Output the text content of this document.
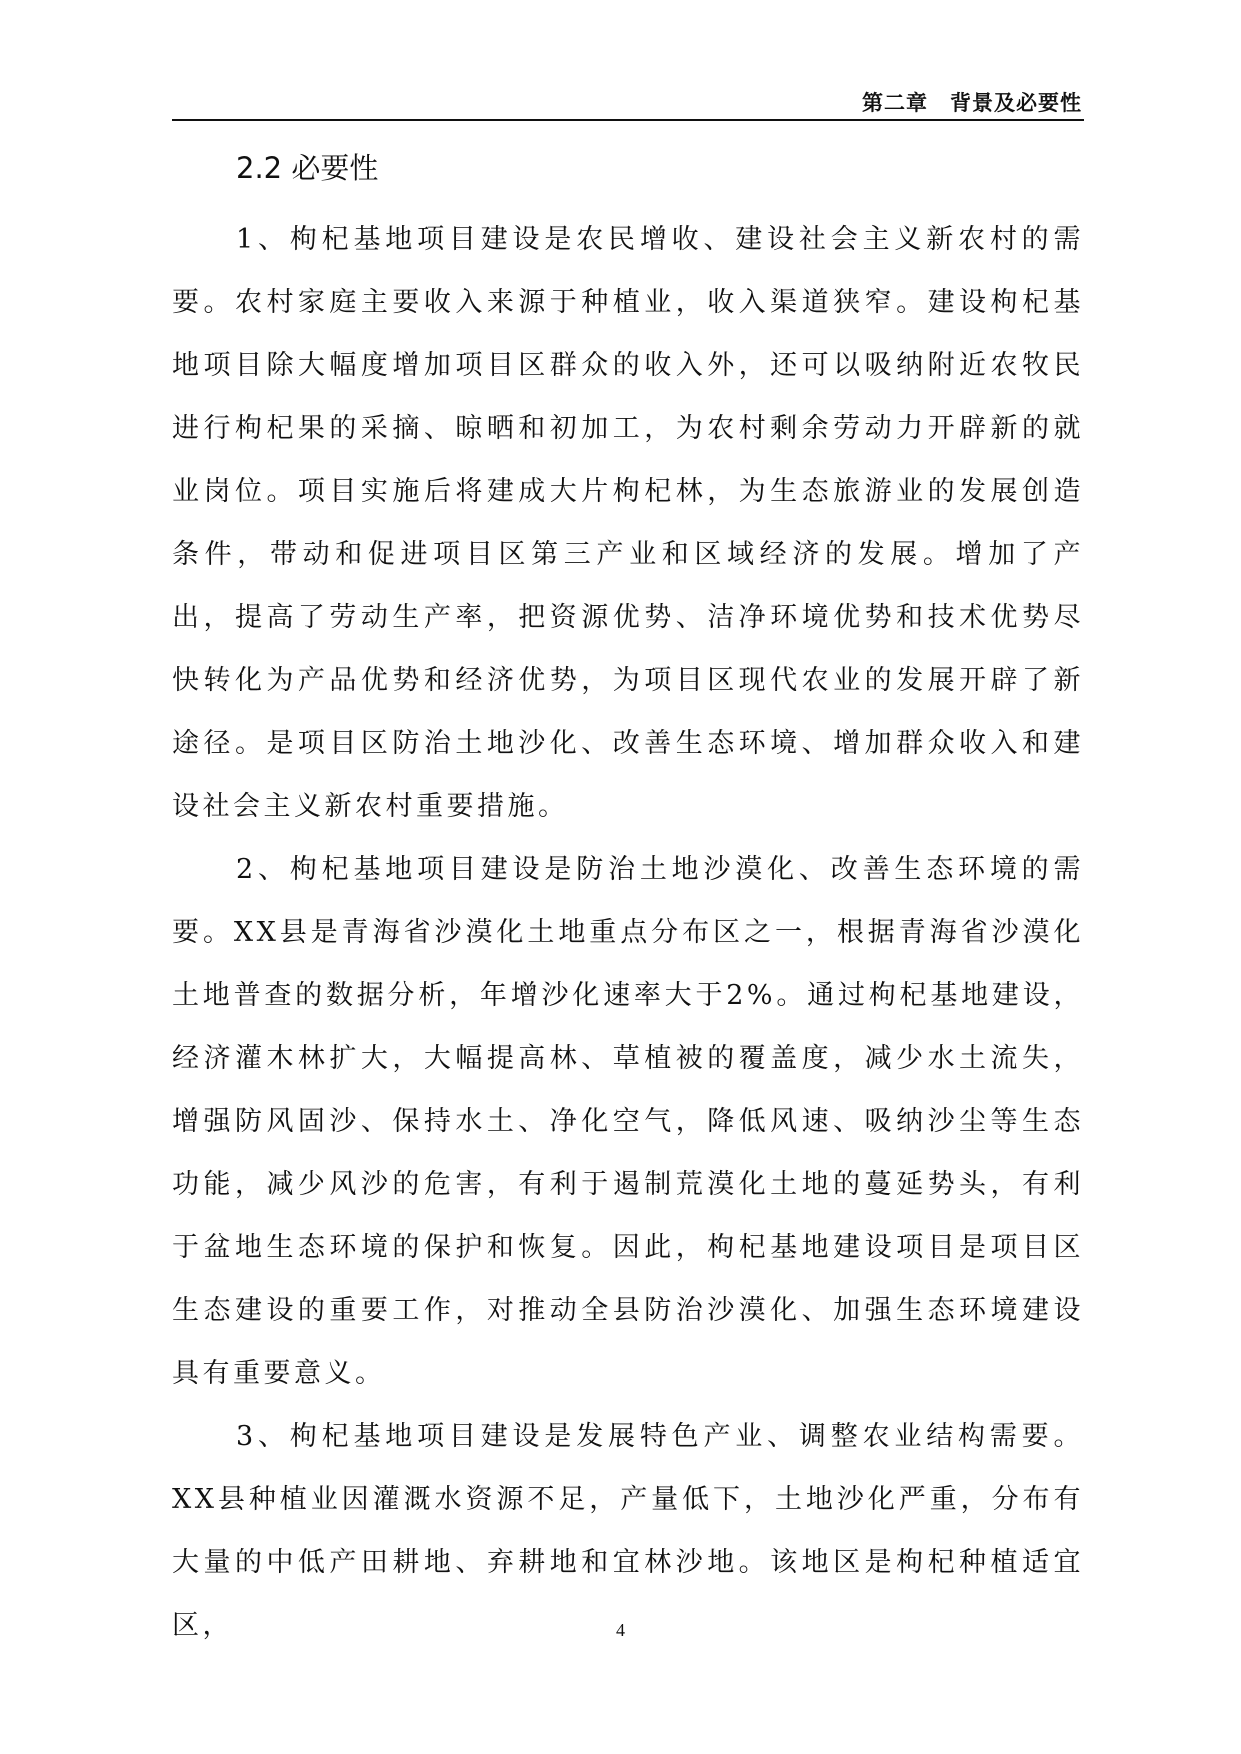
第二章　背景及必要性
2.2 必要性

1、枸杞基地项目建设是农民增收、建设社会主义新农村的需要。农村家庭主要收入来源于种植业，收入渠道狭窄。建设枸杞基地项目除大幅度增加项目区群众的收入外，还可以吸纳附近农牧民进行枸杞果的采摘、晾晒和初加工，为农村剩余劳动力开辟新的就业岗位。项目实施后将建成大片枸杞林，为生态旅游业的发展创造条件，带动和促进项目区第三产业和区域经济的发展。增加了产出，提高了劳动生产率，把资源优势、洁净环境优势和技术优势尽快转化为产品优势和经济优势，为项目区现代农业的发展开辟了新途径。是项目区防治土地沙化、改善生态环境、增加群众收入和建设社会主义新农村重要措施。

2、枸杞基地项目建设是防治土地沙漠化、改善生态环境的需要。XX县是青海省沙漠化土地重点分布区之一，根据青海省沙漠化土地普查的数据分析，年增沙化速率大于2%。通过枸杞基地建设，经济灌木林扩大，大幅提高林、草植被的覆盖度，减少水土流失，增强防风固沙、保持水土、净化空气，降低风速、吸纳沙尘等生态功能，减少风沙的危害，有利于遏制荒漠化土地的蔓延势头，有利于盆地生态环境的保护和恢复。因此，枸杞基地建设项目是项目区生态建设的重要工作，对推动全县防治沙漠化、加强生态环境建设具有重要意义。

3、枸杞基地项目建设是发展特色产业、调整农业结构需要。XX县种植业因灌溉水资源不足，产量低下，土地沙化严重，分布有大量的中低产田耕地、弃耕地和宜林沙地。该地区是枸杞种植适宜区，	4
